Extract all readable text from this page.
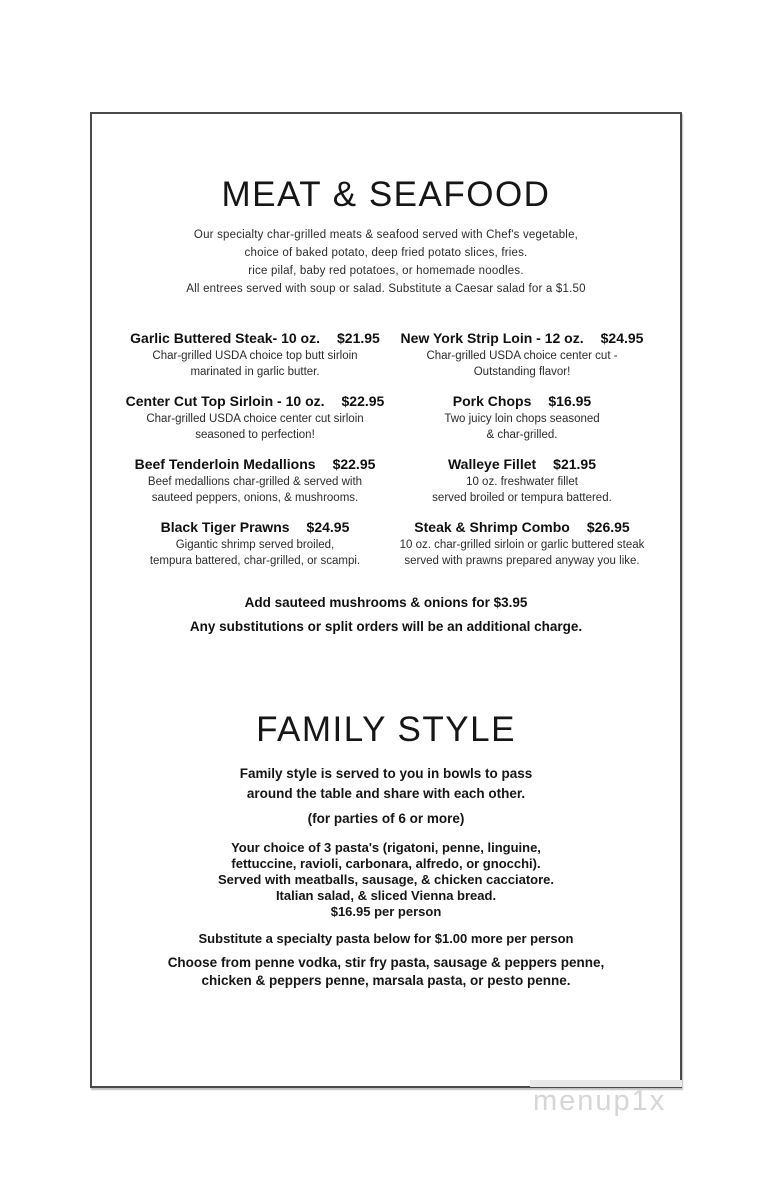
MEAT & SEAFOOD
Our specialty char-grilled meats & seafood served with Chef's vegetable,
choice of baked potato, deep fried potato slices, fries.
rice pilaf, baby red potatoes, or homemade noodles.
All entrees served with soup or salad. Substitute a Caesar salad for a $1.50
Garlic Buttered Steak- 10 oz. $21.95
Char-grilled USDA choice top butt sirloin
marinated in garlic butter.
Center Cut Top Sirloin - 10 oz. $22.95
Char-grilled USDA choice center cut sirloin
seasoned to perfection!
Beef Tenderloin Medallions $22.95
Beef medallions char-grilled & served with
sauteed peppers, onions, & mushrooms.
Black Tiger Prawns $24.95
Gigantic shrimp served broiled,
tempura battered, char-grilled, or scampi.
New York Strip Loin - 12 oz. $24.95
Char-grilled USDA choice center cut -
Outstanding flavor!
Pork Chops $16.95
Two juicy loin chops seasoned
& char-grilled.
Walleye Fillet $21.95
10 oz. freshwater fillet
served broiled or tempura battered.
Steak & Shrimp Combo $26.95
10 oz. char-grilled sirloin or garlic buttered steak
served with prawns prepared anyway you like.
Add sauteed mushrooms & onions for $3.95
Any substitutions or split orders will be an additional charge.
FAMILY STYLE
Family style is served to you in bowls to pass
around the table and share with each other.
(for parties of 6 or more)
Your choice of 3 pasta's (rigatoni, penne, linguine,
fettuccine, ravioli, carbonara, alfredo, or gnocchi).
Served with meatballs, sausage, & chicken cacciatore.
Italian salad, & sliced Vienna bread.
$16.95 per person
Substitute a specialty pasta below for $1.00 more per person
Choose from penne vodka, stir fry pasta, sausage & peppers penne,
chicken & peppers penne, marsala pasta, or pesto penne.
menup1x
